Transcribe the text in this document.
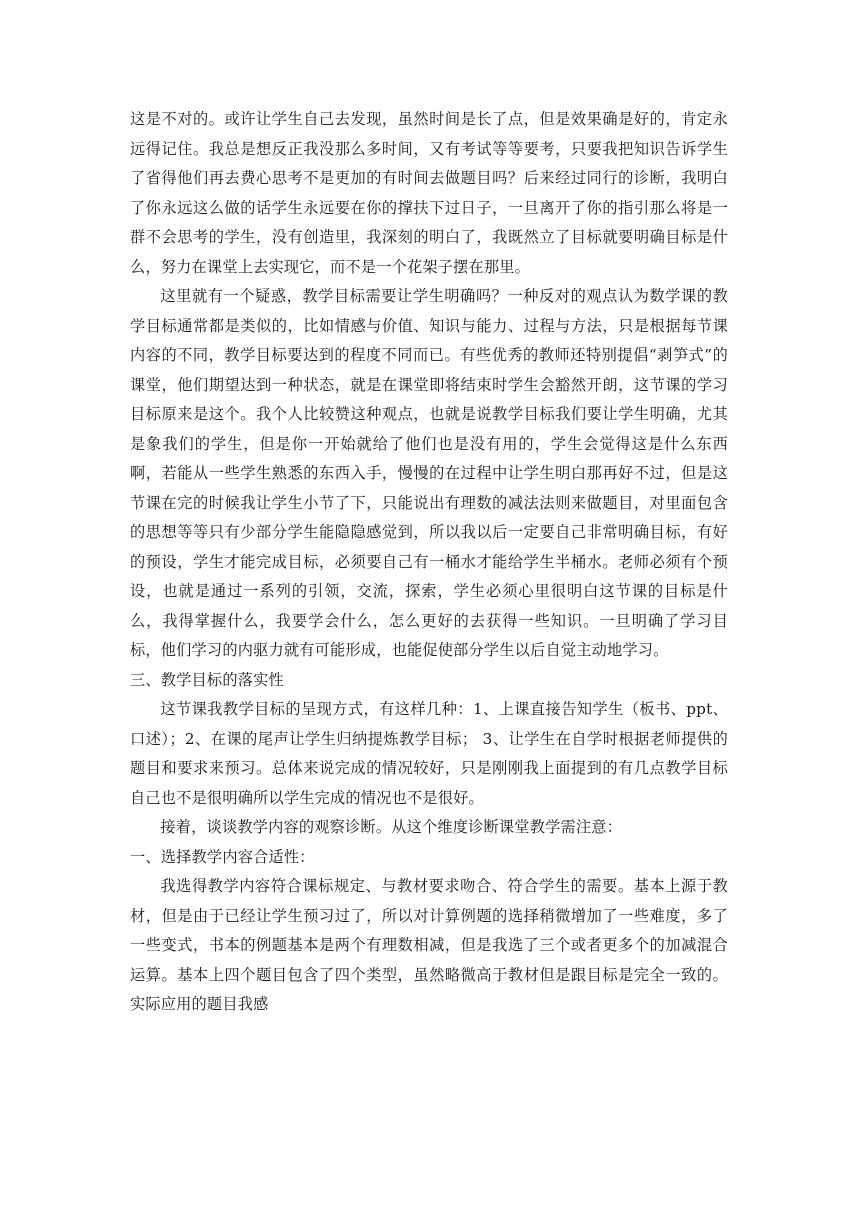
这是不对的。或许让学生自己去发现，虽然时间是长了点，但是效果确是好的，肯定永远得记住。我总是想反正我没那么多时间，又有考试等等要考，只要我把知识告诉学生了省得他们再去费心思考不是更加的有时间去做题目吗？后来经过同行的诊断，我明白了你永远这么做的话学生永远要在你的撑扶下过日子，一旦离开了你的指引那么将是一群不会思考的学生，没有创造里，我深刻的明白了，我既然立了目标就要明确目标是什么，努力在课堂上去实现它，而不是一个花架子摆在那里。

这里就有一个疑惑，教学目标需要让学生明确吗？一种反对的观点认为数学课的教学目标通常都是类似的，比如情感与价值、知识与能力、过程与方法，只是根据每节课内容的不同，教学目标要达到的程度不同而已。有些优秀的教师还特别提倡“剥笋式”的课堂，他们期望达到一种状态，就是在课堂即将结束时学生会豁然开朗，这节课的学习目标原来是这个。我个人比较赞这种观点，也就是说教学目标我们要让学生明确，尤其是象我们的学生，但是你一开始就给了他们也是没有用的，学生会觉得这是什么东西啊，若能从一些学生熟悉的东西入手，慢慢的在过程中让学生明白那再好不过，但是这节课在完的时候我让学生小节了下，只能说出有理数的减法法则来做题目，对里面包含的思想等等只有少部分学生能隐隐感觉到，所以我以后一定要自己非常明确目标，有好的预设，学生才能完成目标，必须要自己有一桶水才能给学生半桶水。老师必须有个预设，也就是通过一系列的引领，交流，探索，学生必须心里很明白这节课的目标是什么，我得掌握什么，我要学会什么，怎么更好的去获得一些知识。一旦明确了学习目标，他们学习的内驱力就有可能形成，也能促使部分学生以后自觉主动地学习。

三、教学目标的落实性

这节课我教学目标的呈现方式，有这样几种：1、上课直接告知学生（板书、ppt、口述）；2、在课的尾声让学生归纳提炼教学目标； 3、让学生在自学时根据老师提供的题目和要求来预习。总体来说完成的情况较好，只是刚刚我上面提到的有几点教学目标自己也不是很明确所以学生完成的情况也不是很好。

接着，谈谈教学内容的观察诊断。从这个维度诊断课堂教学需注意：

一、选择教学内容合适性：

我选得教学内容符合课标规定、与教材要求吻合、符合学生的需要。基本上源于教材，但是由于已经让学生预习过了，所以对计算例题的选择稍微增加了一些难度，多了一些变式，书本的例题基本是两个有理数相减，但是我选了三个或者更多个的加减混合运算。基本上四个题目包含了四个类型，虽然略微高于教材但是跟目标是完全一致的。实际应用的题目我感
